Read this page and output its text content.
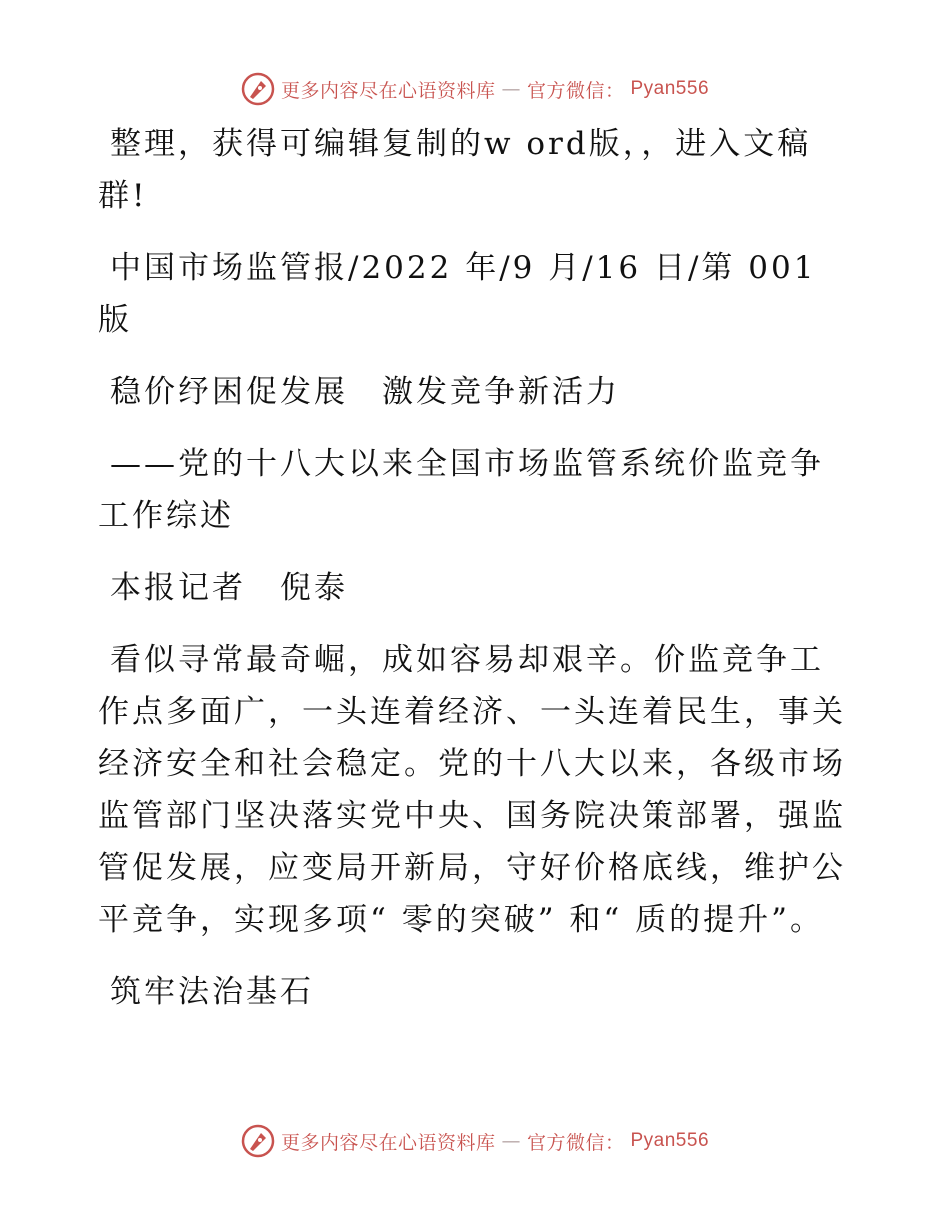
更多内容尽在心语资料库 — 官方微信： Pyan556

整理，获得可编辑复制的w ord版，，进入文稿群!

中国市场监管报/2022 年/9 月/16 日/第 001 版

稳价纾困促发展　激发竞争新活力

——党的十八大以来全国市场监管系统价监竞争工作综述

本报记者　倪泰

看似寻常最奇崛，成如容易却艰辛。价监竞争工作点多面广，一头连着经济、一头连着民生，事关经济安全和社会稳定。党的十八大以来，各级市场监管部门坚决落实党中央、国务院决策部署，强监管促发展，应变局开新局，守好价格底线，维护公平竞争，实现多项“ 零的突破” 和“ 质的提升”。

筑牢法治基石

更多内容尽在心语资料库 — 官方微信： Pyan556
